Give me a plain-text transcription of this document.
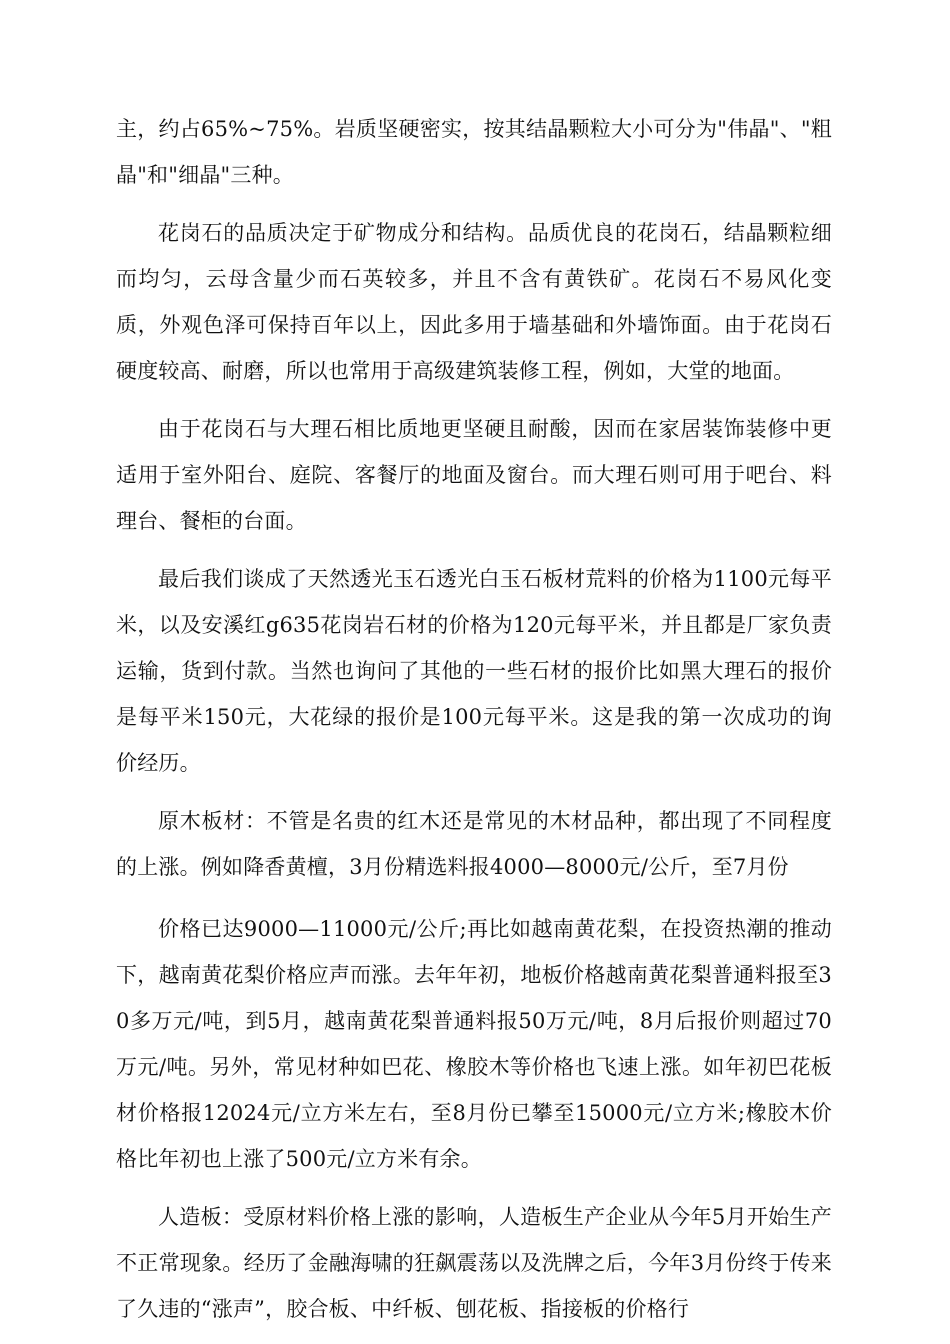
主，约占65%~75%。岩质坚硬密实，按其结晶颗粒大小可分为"伟晶"、"粗晶"和"细晶"三种。

花岗石的品质决定于矿物成分和结构。品质优良的花岗石，结晶颗粒细而均匀，云母含量少而石英较多，并且不含有黄铁矿。花岗石不易风化变质，外观色泽可保持百年以上，因此多用于墙基础和外墙饰面。由于花岗石硬度较高、耐磨，所以也常用于高级建筑装修工程，例如，大堂的地面。

由于花岗石与大理石相比质地更坚硬且耐酸，因而在家居装饰装修中更适用于室外阳台、庭院、客餐厅的地面及窗台。而大理石则可用于吧台、料理台、餐柜的台面。

最后我们谈成了天然透光玉石透光白玉石板材荒料的价格为1100元每平米，以及安溪红g635花岗岩石材的价格为120元每平米，并且都是厂家负责运输，货到付款。当然也询问了其他的一些石材的报价比如黑大理石的报价是每平米150元，大花绿的报价是100元每平米。这是我的第一次成功的询价经历。

原木板材：不管是名贵的红木还是常见的木材品种，都出现了不同程度的上涨。例如降香黄檀，3月份精选料报4000—8000元/公斤，至7月份

价格已达9000—11000元/公斤;再比如越南黄花梨，在投资热潮的推动下，越南黄花梨价格应声而涨。去年年初，地板价格越南黄花梨普通料报至30多万元/吨，到5月，越南黄花梨普通料报50万元/吨，8月后报价则超过70万元/吨。另外，常见材种如巴花、橡胶木等价格也飞速上涨。如年初巴花板材价格报12024元/立方米左右，至8月份已攀至15000元/立方米;橡胶木价格比年初也上涨了500元/立方米有余。

人造板：受原材料价格上涨的影响，人造板生产企业从今年5月开始生产不正常现象。经历了金融海啸的狂飙震荡以及洗牌之后，今年3月份终于传来了久违的“涨声”，胶合板、中纤板、刨花板、指接板的价格行
